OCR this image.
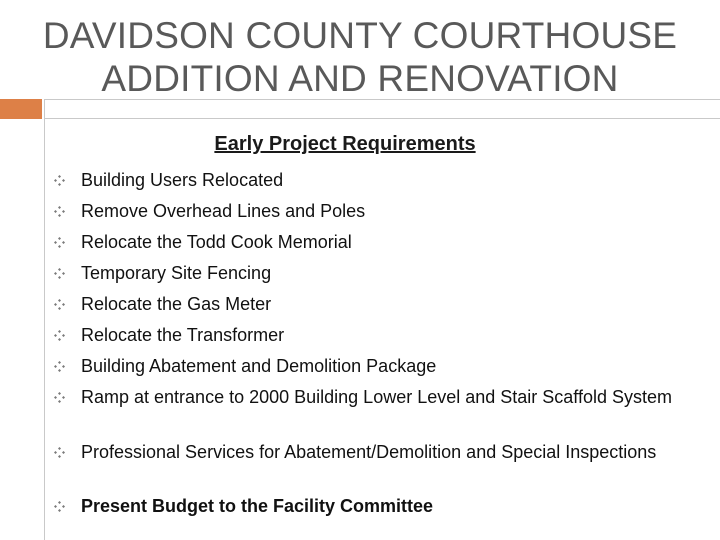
DAVIDSON COUNTY COURTHOUSE
ADDITION AND RENOVATION
Early Project Requirements
Building Users Relocated
Remove Overhead Lines and Poles
Relocate the Todd Cook Memorial
Temporary Site Fencing
Relocate the Gas Meter
Relocate the Transformer
Building Abatement and Demolition Package
Ramp at entrance to 2000 Building Lower Level and Stair Scaffold System
Professional Services for Abatement/Demolition and Special Inspections
Present Budget to the Facility Committee
